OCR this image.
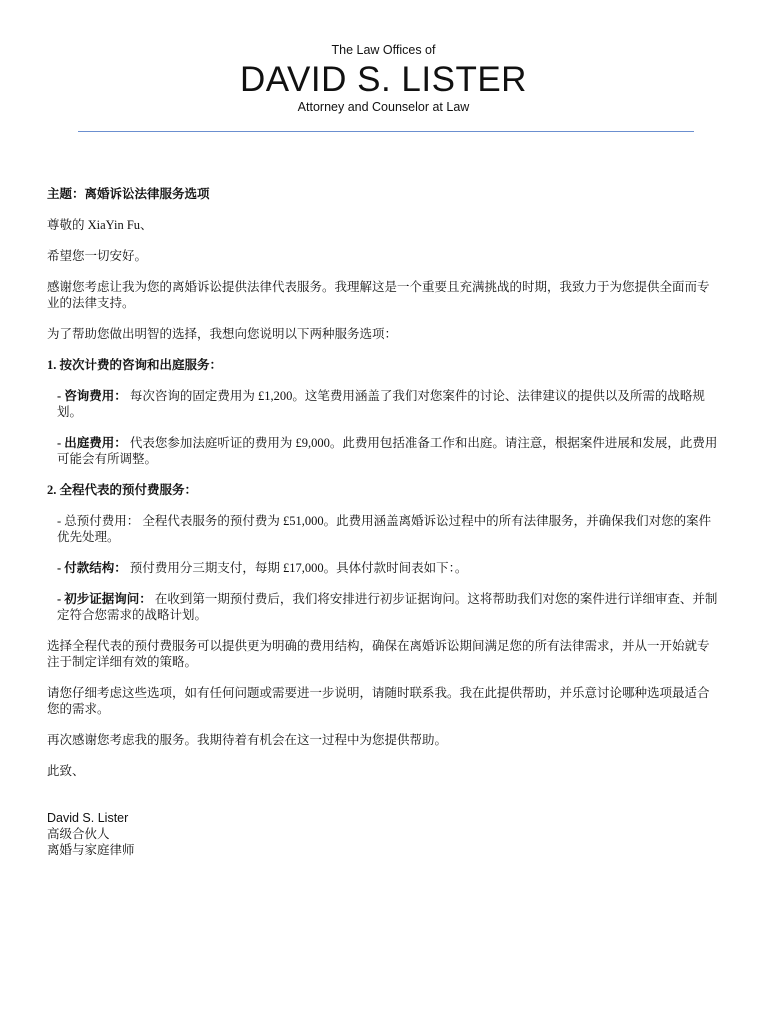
The Law Offices of
DAVID S. LISTER
Attorney and Counselor at Law

主题：离婚诉讼法律服务选项

尊敬的 XiaYin Fu、

希望您一切安好。

感谢您考虑让我为您的离婚诉讼提供法律代表服务。我理解这是一个重要且充满挑战的时期，我致力于为您提供全面而专业的法律支持。

为了帮助您做出明智的选择，我想向您说明以下两种服务选项：

1. 按次计费的咨询和出庭服务：

- 咨询费用： 每次咨询的固定费用为 £1,200。这笔费用涵盖了我们对您案件的讨论、法律建议的提供以及所需的战略规划。

- 出庭费用： 代表您参加法庭听证的费用为 £9,000。此费用包括准备工作和出庭。请注意，根据案件进展和发展，此费用可能会有所调整。

2. 全程代表的预付费服务：

- 总预付费用： 全程代表服务的预付费为 £51,000。此费用涵盖离婚诉讼过程中的所有法律服务，并确保我们对您的案件优先处理。

- 付款结构： 预付费用分三期支付，每期 £17,000。具体付款时间表如下：。

- 初步证据询问： 在收到第一期预付费后，我们将安排进行初步证据询问。这将帮助我们对您的案件进行详细审查、并制定符合您需求的战略计划。

选择全程代表的预付费服务可以提供更为明确的费用结构，确保在离婚诉讼期间满足您的所有法律需求，并从一开始就专注于制定详细有效的策略。

请您仔细考虑这些选项，如有任何问题或需要进一步说明，请随时联系我。我在此提供帮助，并乐意讨论哪种选项最适合您的需求。

再次感谢您考虑我的服务。我期待着有机会在这一过程中为您提供帮助。

此致、

David S. Lister

高级合伙人

离婚与家庭律师
